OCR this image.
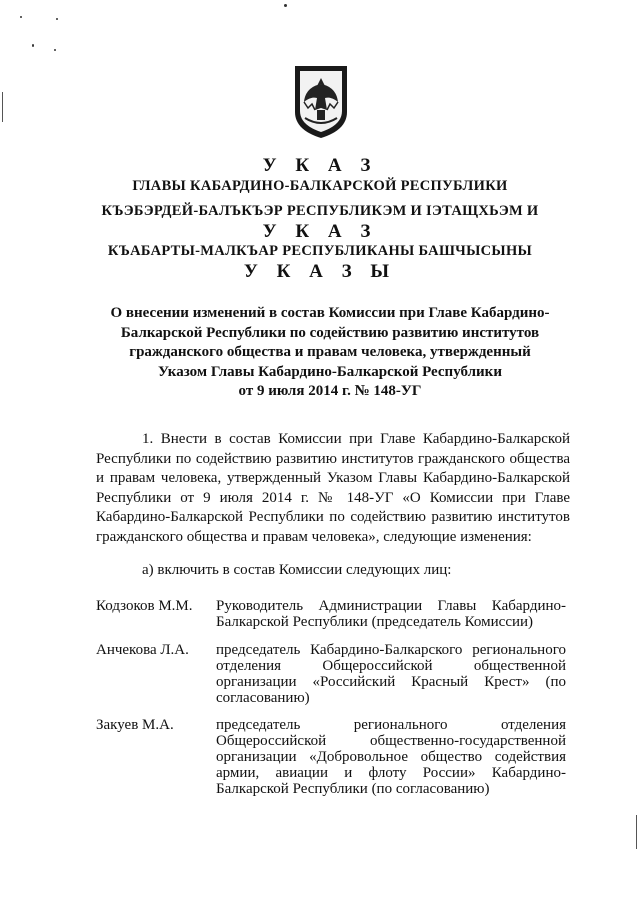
У К А З
ГЛАВЫ КАБАРДИНО-БАЛКАРСКОЙ РЕСПУБЛИКИ
КЪЭБЭРДЕЙ-БАЛЪКЪЭР РЕСПУБЛИКЭМ И ІЭТАЩХЬЭМ И
У К А З
КЪАБАРТЫ-МАЛКЪАР РЕСПУБЛИКАНЫ БАШЧЫСЫНЫ
У К А З Ы
О внесении изменений в состав Комиссии при Главе Кабардино-
Балкарской Республики по содействию развитию институтов
гражданского общества и правам человека, утвержденный
Указом Главы Кабардино-Балкарской Республики
от 9 июля 2014 г. № 148-УГ
1. Внести в состав Комиссии при Главе Кабардино-Балкарской Республики по содействию развитию институтов гражданского общества и правам человека, утвержденный Указом Главы Кабардино-Балкарской Республики от 9 июля 2014 г. № 148-УГ «О Комиссии при Главе Кабардино-Балкарской Республики по содействию развитию институтов гражданского общества и правам человека», следующие изменения:
а) включить в состав Комиссии следующих лиц:
Кодзоков М.М. Руководитель Администрации Главы Кабардино-Балкарской Республики (председатель Комиссии)
Анчекова Л.А. председатель Кабардино-Балкарского регионального отделения Общероссийской общественной организации «Российский Красный Крест» (по согласованию)
Закуев М.А.	председатель регионального отделения Общероссийской общественно-государственной организации «Добровольное общество содействия армии, авиации и флоту России» Кабардино-Балкарской Республики (по согласованию)
